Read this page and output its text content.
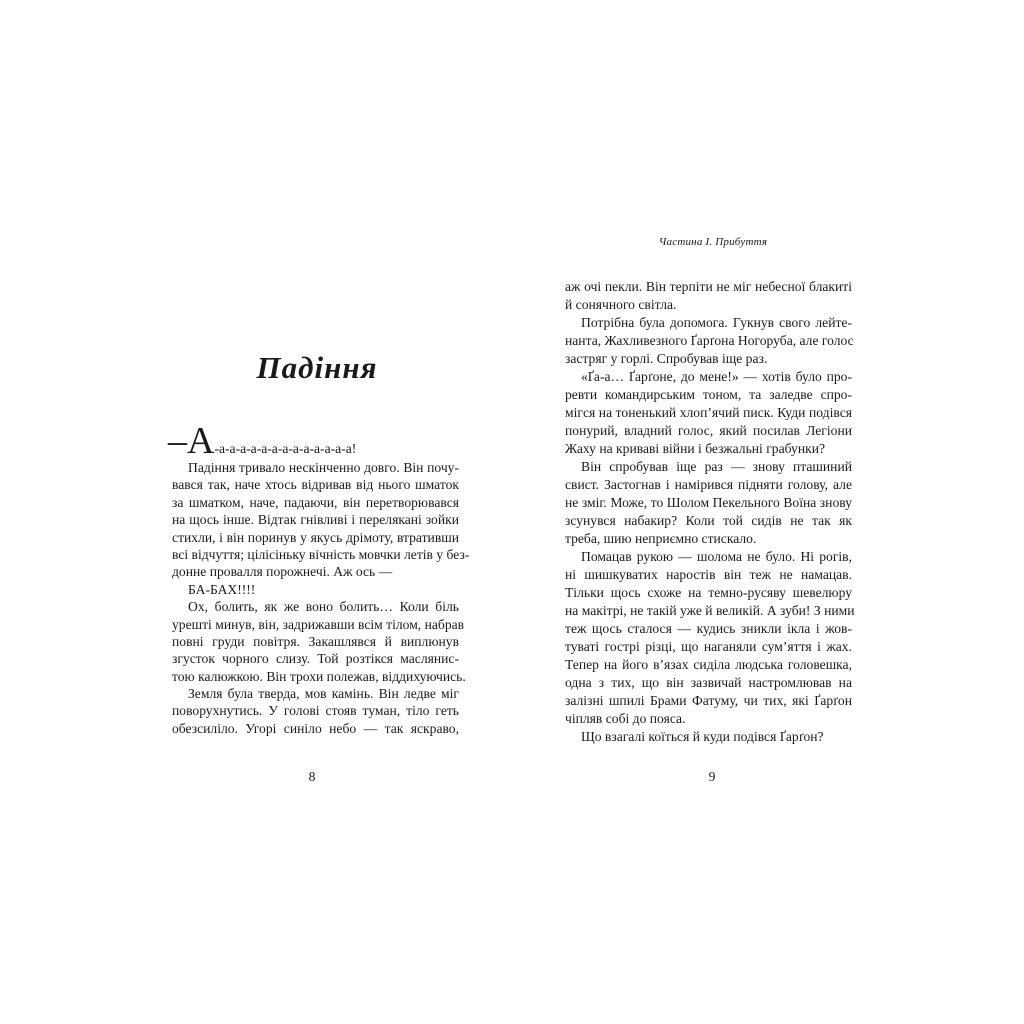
Падіння
–А-а-а-а-а-а-а-а-а-а-а-а-а-а!
Падіння тривало нескінченно довго. Він почу-
вався так, наче хтось відривав від нього шматок
за шматком, наче, падаючи, він перетворювався
на щось інше. Відтак гнівливі і перелякані зойки
стихли, і він поринув у якусь дрімоту, втративши
всі відчуття; цілісіньку вічність мовчки летів у без-
донне провалля порожнечі. Аж ось —
БА-БАХ!!!!
Ох, болить, як же воно болить… Коли біль
урешті минув, він, задрижавши всім тілом, набрав
повні груди повітря. Закашлявся й виплюнув
згусток чорного слизу. Той розтікся маслянис-
тою калюжкою. Він трохи полежав, віддихуючись.
Земля була тверда, мов камінь. Він ледве міг
поворухнутись. У голові стояв туман, тіло геть
обезсиліло. Угорі синіло небо — так яскраво,
8
Частина І. Прибуття
аж очі пекли. Він терпіти не міг небесної блакиті
й сонячного світла.
Потрібна була допомога. Гукнув свого лейте-
нанта, Жахливезного Ґарґона Ногоруба, але голос
застряг у горлі. Спробував іще раз.
«Ґа-а… Ґарґоне, до мене!» — хотів було про-
ревти командирським тоном, та заледве спро-
мігся на тоненький хлоп’ячий писк. Куди подівся
понурий, владний голос, який посилав Легіони
Жаху на криваві війни і безжальні грабунки?
Він спробував іще раз — знову пташиний
свист. Застогнав і намірився підняти голову, але
не зміг. Може, то Шолом Пекельного Воїна знову
зсунувся набакир? Коли той сидів не так як
треба, шию неприємно стискало.
Помацав рукою — шолома не було. Ні рогів,
ні шишкуватих наростів він теж не намацав.
Тільки щось схоже на темно-русяву шевелюру
на макітрі, не такій уже й великій. А зуби! З ними
теж щось сталося — кудись зникли ікла і жов-
туваті гострі різці, що наганяли сум’яття і жах.
Тепер на його в’язах сиділа людська головешка,
одна з тих, що він зазвичай настромлював на
залізні шпилі Брами Фатуму, чи тих, які Ґарґон
чіпляв собі до пояса.
Що взагалі коїться й куди подівся Ґарґон?
9
